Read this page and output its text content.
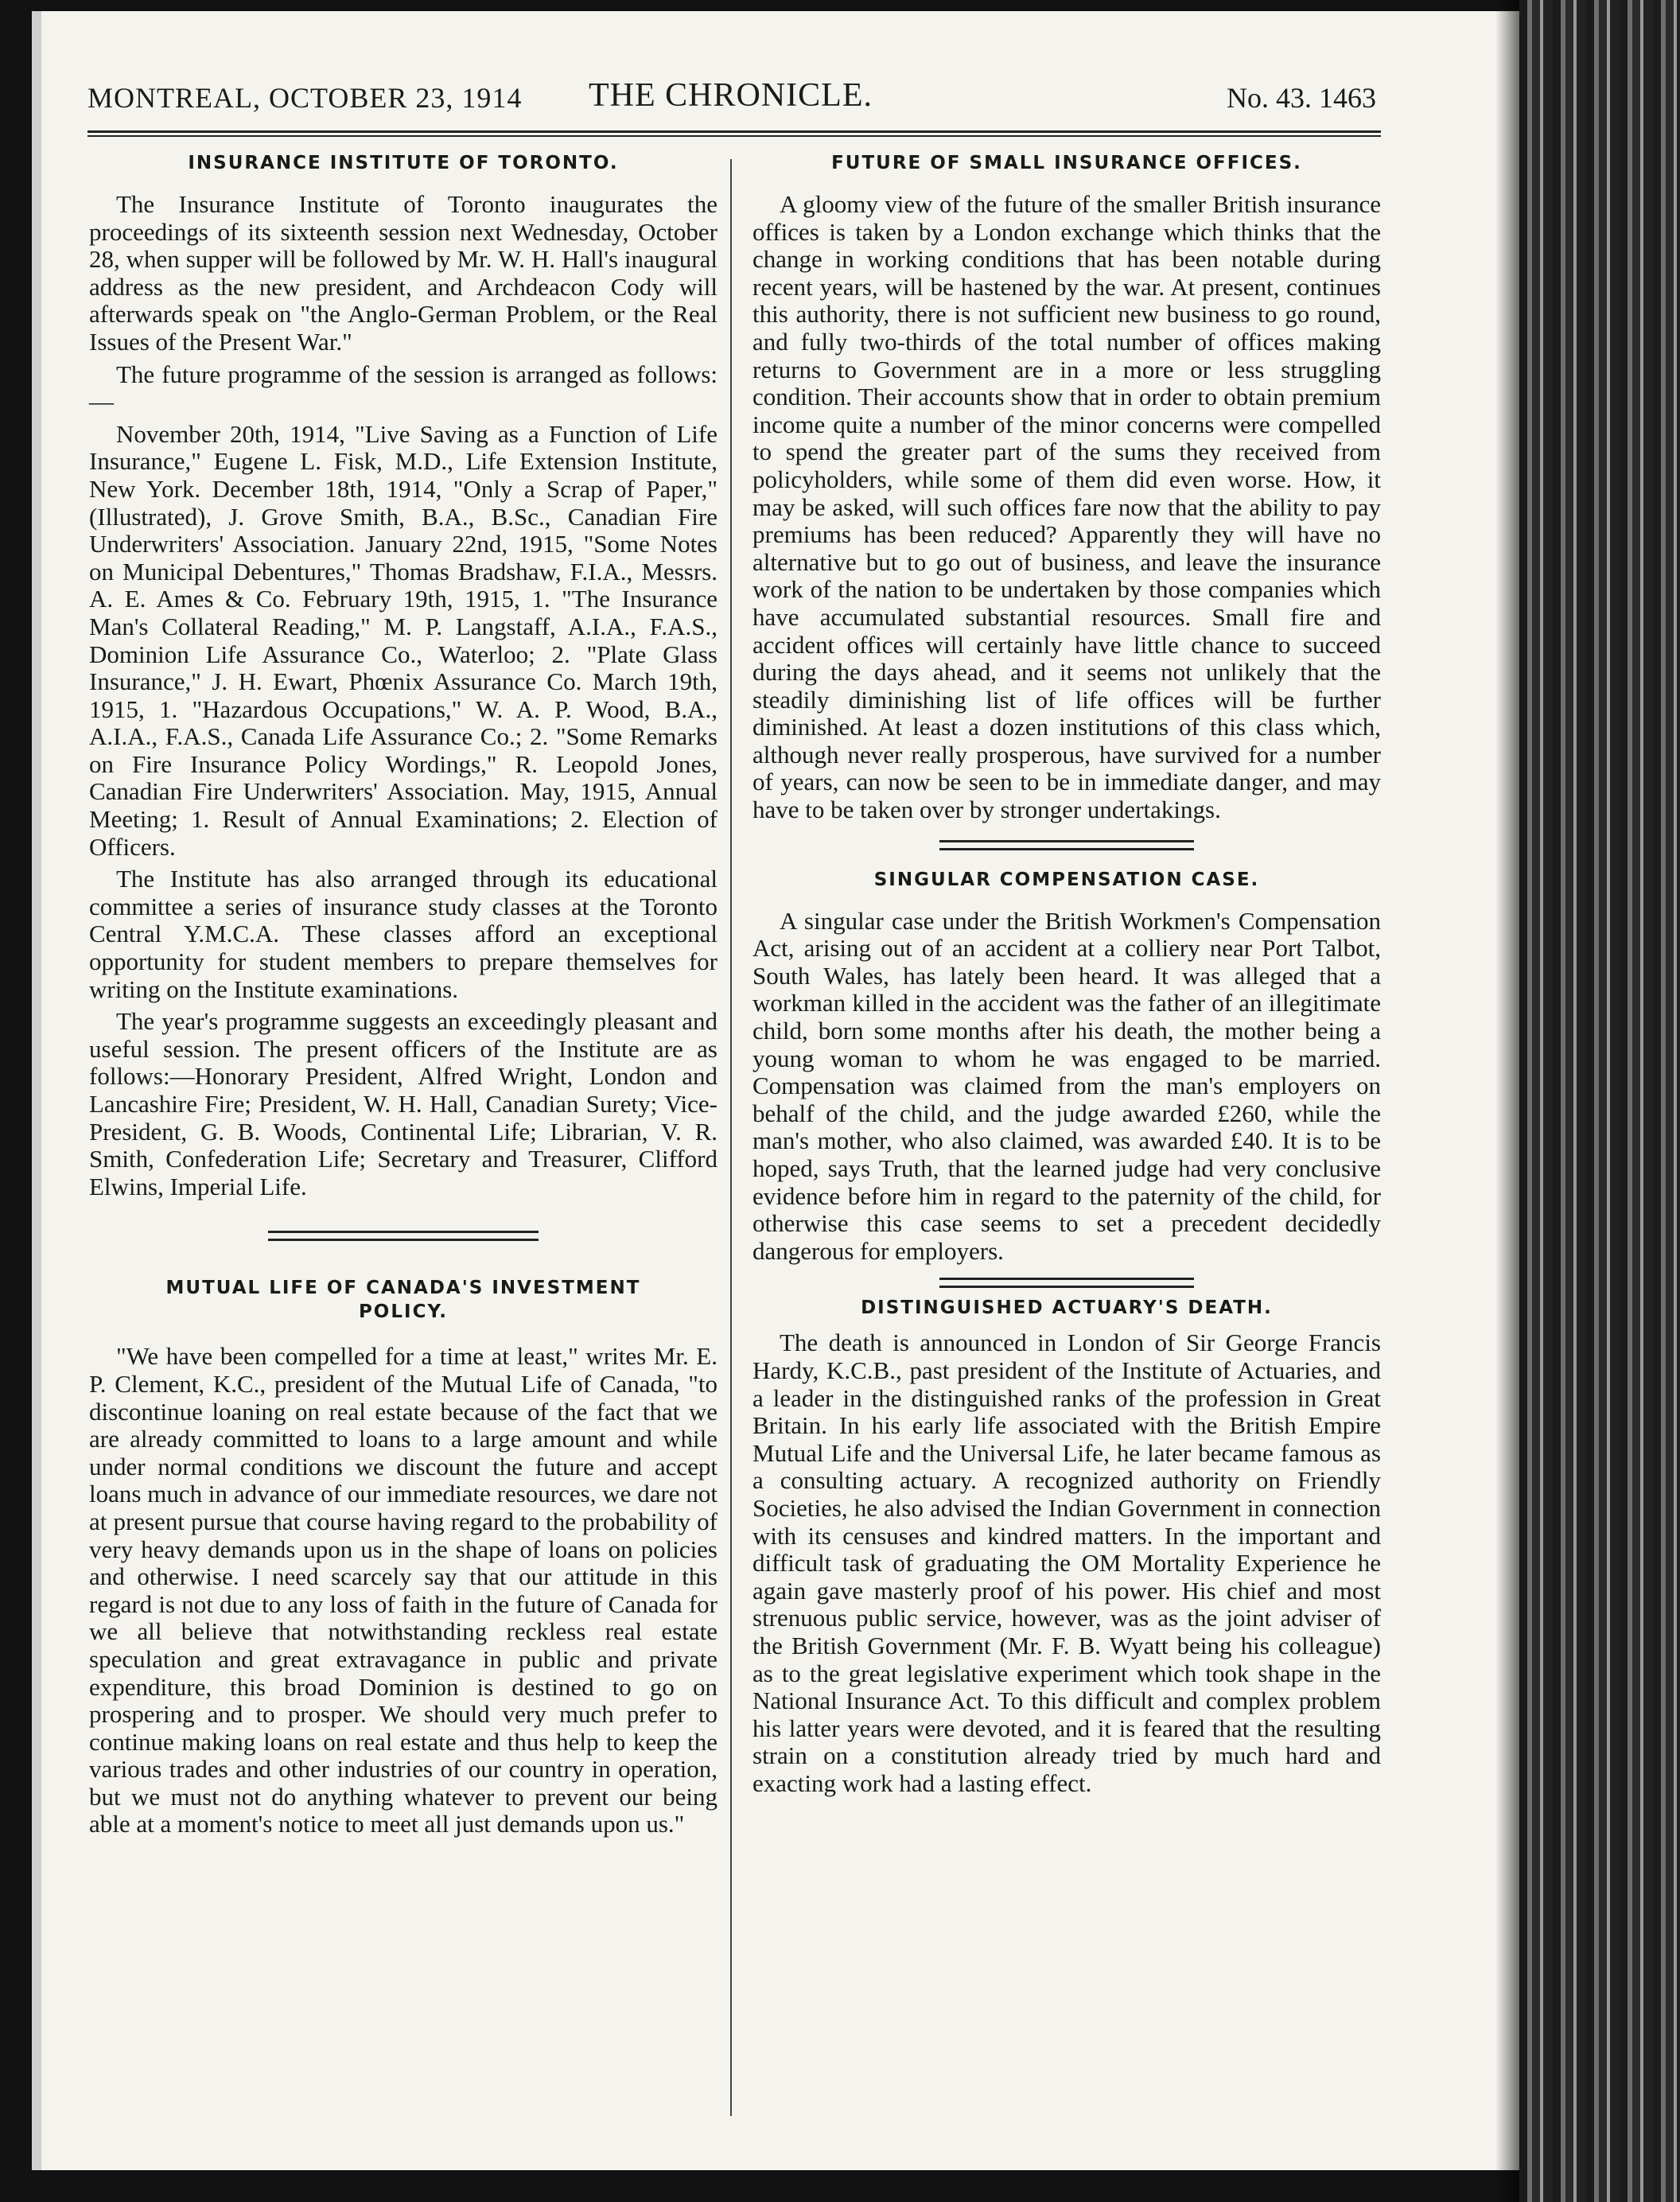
MONTREAL, OCTOBER 23, 1914 THE CHRONICLE.	No. 43. 1463
INSURANCE INSTITUTE OF TORONTO.

The Insurance Institute of Toronto inaugurates the proceedings of its sixteenth session next Wednesday, October 28, when supper will be followed by Mr. W. H. Hall's inaugural address as the new president, and Archdeacon Cody will afterwards speak on "the Anglo-German Problem, or the Real Issues of the Present War."

The future programme of the session is arranged as follows:—

November 20th, 1914, "Live Saving as a Function of Life Insurance," Eugene L. Fisk, M.D., Life Extension Institute, New York. December 18th, 1914, "Only a Scrap of Paper," (Illustrated), J. Grove Smith, B.A., B.Sc., Canadian Fire Underwriters' Association. January 22nd, 1915, "Some Notes on Municipal Debentures," Thomas Bradshaw, F.I.A., Messrs. A. E. Ames & Co. February 19th, 1915, 1. "The Insurance Man's Collateral Reading," M. P. Langstaff, A.I.A., F.A.S., Dominion Life Assurance Co., Waterloo; 2. "Plate Glass Insurance," J. H. Ewart, Phœnix Assurance Co. March 19th, 1915, 1. "Hazardous Occupations," W. A. P. Wood, B.A., A.I.A., F.A.S., Canada Life Assurance Co.; 2. "Some Remarks on Fire Insurance Policy Wordings," R. Leopold Jones, Canadian Fire Underwriters' Association. May, 1915, Annual Meeting; 1. Result of Annual Examinations; 2. Election of Officers.

The Institute has also arranged through its educational committee a series of insurance study classes at the Toronto Central Y.M.C.A. These classes afford an exceptional opportunity for student members to prepare themselves for writing on the Institute examinations.

The year's programme suggests an exceedingly pleasant and useful session. The present officers of the Institute are as follows:—Honorary President, Alfred Wright, London and Lancashire Fire; President, W. H. Hall, Canadian Surety; Vice-President, G. B. Woods, Continental Life; Librarian, V. R. Smith, Confederation Life; Secretary and Treasurer, Clifford Elwins, Imperial Life.

MUTUAL LIFE OF CANADA'S INVESTMENT
POLICY.

"We have been compelled for a time at least," writes Mr. E. P. Clement, K.C., president of the Mutual Life of Canada, "to discontinue loaning on real estate because of the fact that we are already committed to loans to a large amount and while under normal conditions we discount the future and accept loans much in advance of our immediate resources, we dare not at present pursue that course having regard to the probability of very heavy demands upon us in the shape of loans on policies and otherwise. I need scarcely say that our attitude in this regard is not due to any loss of faith in the future of Canada for we all believe that notwithstanding reckless real estate speculation and great extravagance in public and private expenditure, this broad Dominion is destined to go on prospering and to prosper. We should very much prefer to continue making loans on real estate and thus help to keep the various trades and other industries of our country in operation, but we must not do anything whatever to prevent our being able at a moment's notice to meet all just demands upon us."

FUTURE OF SMALL INSURANCE OFFICES.

A gloomy view of the future of the smaller British insurance offices is taken by a London exchange which thinks that the change in working conditions that has been notable during recent years, will be hastened by the war. At present, continues this authority, there is not sufficient new business to go round, and fully two-thirds of the total number of offices making returns to Government are in a more or less struggling condition. Their accounts show that in order to obtain premium income quite a number of the minor concerns were compelled to spend the greater part of the sums they received from policyholders, while some of them did even worse. How, it may be asked, will such offices fare now that the ability to pay premiums has been reduced? Apparently they will have no alternative but to go out of business, and leave the insurance work of the nation to be undertaken by those companies which have accumulated substantial resources. Small fire and accident offices will certainly have little chance to succeed during the days ahead, and it seems not unlikely that the steadily diminishing list of life offices will be further diminished. At least a dozen institutions of this class which, although never really prosperous, have survived for a number of years, can now be seen to be in immediate danger, and may have to be taken over by stronger undertakings.

SINGULAR COMPENSATION CASE.

A singular case under the British Workmen's Compensation Act, arising out of an accident at a colliery near Port Talbot, South Wales, has lately been heard. It was alleged that a workman killed in the accident was the father of an illegitimate child, born some months after his death, the mother being a young woman to whom he was engaged to be married. Compensation was claimed from the man's employers on behalf of the child, and the judge awarded £260, while the man's mother, who also claimed, was awarded £40. It is to be hoped, says Truth, that the learned judge had very conclusive evidence before him in regard to the paternity of the child, for otherwise this case seems to set a precedent decidedly dangerous for employers.

DISTINGUISHED ACTUARY'S DEATH.

The death is announced in London of Sir George Francis Hardy, K.C.B., past president of the Institute of Actuaries, and a leader in the distinguished ranks of the profession in Great Britain. In his early life associated with the British Empire Mutual Life and the Universal Life, he later became famous as a consulting actuary. A recognized authority on Friendly Societies, he also advised the Indian Government in connection with its censuses and kindred matters. In the important and difficult task of graduating the OM Mortality Experience he again gave masterly proof of his power. His chief and most strenuous public service, however, was as the joint adviser of the British Government (Mr. F. B. Wyatt being his colleague) as to the great legislative experiment which took shape in the National Insurance Act. To this difficult and complex problem his latter years were devoted, and it is feared that the resulting strain on a constitution already tried by much hard and exacting work had a lasting effect.
